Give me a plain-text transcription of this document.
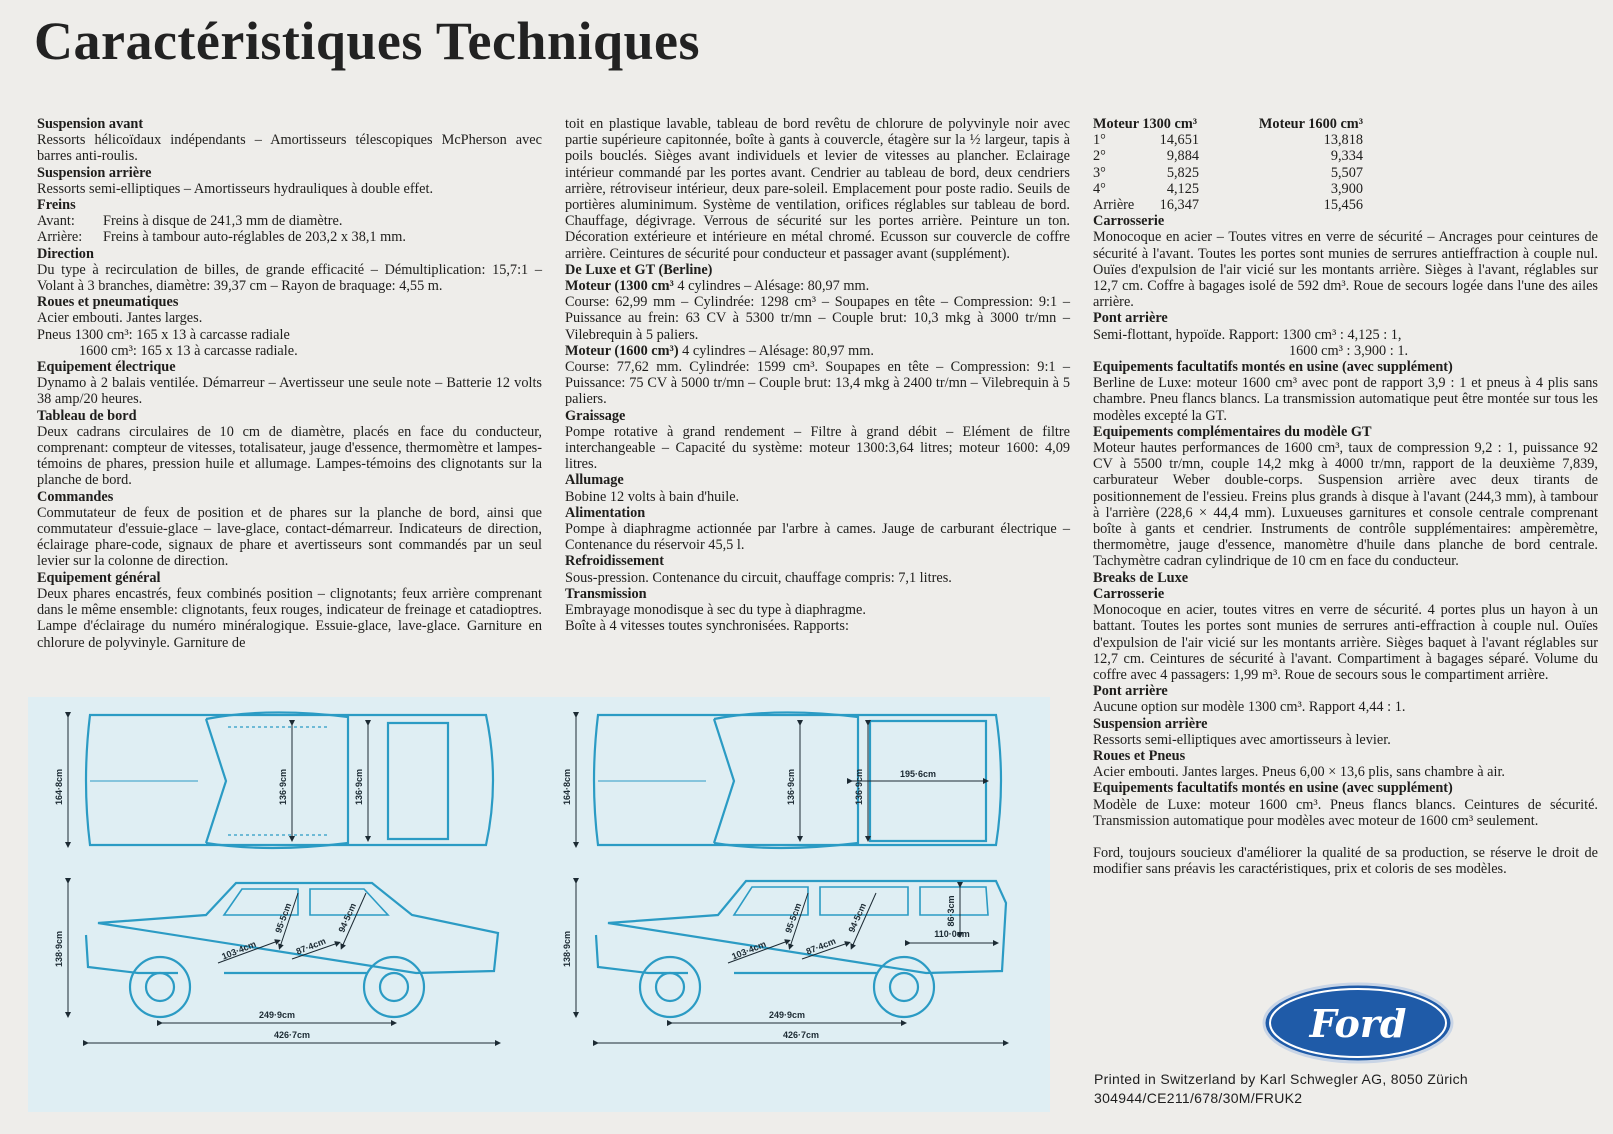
Caractéristiques Techniques
Suspension avant

Ressorts hélicoïdaux indépendants – Amortisseurs télescopiques McPherson avec barres anti-roulis.

Suspension arrière

Ressorts semi-elliptiques – Amortisseurs hydrauliques à double effet.

Freins
Avant:	Freins à disque de 241,3 mm de diamètre.
Arrière:	Freins à tambour auto-réglables de 203,2 x 38,1 mm.
Direction

Du type à recirculation de billes, de grande efficacité – Démultiplication: 15,7:1 – Volant à 3 branches, diamètre: 39,37 cm – Rayon de braquage: 4,55 m.

Roues et pneumatiques

Acier embouti. Jantes larges.

Pneus 1300 cm³: 165 x 13 à carcasse radiale

1600 cm³: 165 x 13 à carcasse radiale.

Equipement électrique

Dynamo à 2 balais ventilée. Démarreur – Avertisseur une seule note – Batterie 12 volts 38 amp/20 heures.

Tableau de bord

Deux cadrans circulaires de 10 cm de diamètre, placés en face du conducteur, comprenant: compteur de vitesses, totalisateur, jauge d'essence, thermomètre et lampes-témoins de phares, pression huile et allumage. Lampes-témoins des clignotants sur la planche de bord.

Commandes

Commutateur de feux de position et de phares sur la planche de bord, ainsi que commutateur d'essuie-glace – lave-glace, contact-démarreur. Indicateurs de direction, éclairage phare-code, signaux de phare et avertisseurs sont commandés par un seul levier sur la colonne de direction.

Equipement général

Deux phares encastrés, feux combinés position – clignotants; feux arrière comprenant dans le même ensemble: clignotants, feux rouges, indicateur de freinage et catadioptres. Lampe d'éclairage du numéro minéralogique. Essuie-glace, lave-glace. Garniture en chlorure de polyvinyle. Garniture de

toit en plastique lavable, tableau de bord revêtu de chlorure de polyvinyle noir avec partie supérieure capitonnée, boîte à gants à couvercle, étagère sur la ½ largeur, tapis à poils bouclés. Sièges avant individuels et levier de vitesses au plancher. Eclairage intérieur commandé par les portes avant. Cendrier au tableau de bord, deux cendriers arrière, rétroviseur intérieur, deux pare-soleil. Emplacement pour poste radio. Seuils de portières aluminimum. Système de ventilation, orifices réglables sur tableau de bord. Chauffage, dégivrage. Verrous de sécurité sur les portes arrière. Peinture un ton. Décoration extérieure et intérieure en métal chromé. Ecusson sur couvercle de coffre arrière. Ceintures de sécurité pour conducteur et passager avant (supplément).

De Luxe et GT (Berline)

Moteur (1300 cm³ 4 cylindres – Alésage: 80,97 mm.

Course: 62,99 mm – Cylindrée: 1298 cm³ – Soupapes en tête – Compression: 9:1 – Puissance au frein: 63 CV à 5300 tr/mn – Couple brut: 10,3 mkg à 3000 tr/mn – Vilebrequin à 5 paliers.

Moteur (1600 cm³) 4 cylindres – Alésage: 80,97 mm.

Course: 77,62 mm. Cylindrée: 1599 cm³. Soupapes en tête – Compression: 9:1 – Puissance: 75 CV à 5000 tr/mn – Couple brut: 13,4 mkg à 2400 tr/mn – Vilebrequin à 5 paliers.

Graissage

Pompe rotative à grand rendement – Filtre à grand débit – Elément de filtre interchangeable – Capacité du système: moteur 1300:3,64 litres; moteur 1600: 4,09 litres.

Allumage

Bobine 12 volts à bain d'huile.

Alimentation

Pompe à diaphragme actionnée par l'arbre à cames. Jauge de carburant électrique – Contenance du réservoir 45,5 l.

Refroidissement

Sous-pression. Contenance du circuit, chauffage compris: 7,1 litres.

Transmission

Embrayage monodisque à sec du type à diaphragme.

Boîte à 4 vitesses toutes synchronisées. Rapports:

Moteur 1300 cm³	Moteur 1600 cm³
1°	14,651	13,818
2°	9,884	9,334
3°	5,825	5,507
4°	4,125	3,900
Arrière	16,347	15,456
Carrosserie

Monocoque en acier – Toutes vitres en verre de sécurité – Ancrages pour ceintures de sécurité à l'avant. Toutes les portes sont munies de serrures antieffraction à couple nul. Ouïes d'expulsion de l'air vicié sur les montants arrière. Sièges à l'avant, réglables sur 12,7 cm. Coffre à bagages isolé de 592 dm³. Roue de secours logée dans l'une des ailes arrière.

Pont arrière

Semi-flottant, hypoïde. Rapport: 1300 cm³ : 4,125 : 1,

1600 cm³ : 3,900 : 1.

Equipements facultatifs montés en usine (avec supplément)

Berline de Luxe: moteur 1600 cm³ avec pont de rapport 3,9 : 1 et pneus à 4 plis sans chambre. Pneu flancs blancs. La transmission automatique peut être montée sur tous les modèles excepté la GT.

Equipements complémentaires du modèle GT

Moteur hautes performances de 1600 cm³, taux de compression 9,2 : 1, puissance 92 CV à 5500 tr/mn, couple 14,2 mkg à 4000 tr/mn, rapport de la deuxième 7,839, carburateur Weber double-corps. Suspension arrière avec deux tirants de positionnement de l'essieu. Freins plus grands à disque à l'avant (244,3 mm), à tambour à l'arrière (228,6 × 44,4 mm). Luxueuses garnitures et console centrale comprenant boîte à gants et cendrier. Instruments de contrôle supplémentaires: ampèremètre, thermomètre, jauge d'essence, manomètre d'huile dans planche de bord centrale. Tachymètre cadran cylindrique de 10 cm en face du conducteur.

Breaks de Luxe
Carrosserie

Monocoque en acier, toutes vitres en verre de sécurité. 4 portes plus un hayon à un battant. Toutes les portes sont munies de serrures anti-effraction à couple nul. Ouïes d'expulsion de l'air vicié sur les montants arrière. Sièges baquet à l'avant réglables sur 12,7 cm. Ceintures de sécurité à l'avant. Compartiment à bagages séparé. Volume du coffre avec 4 passagers: 1,99 m³. Roue de secours sous le compartiment arrière.

Pont arrière

Aucune option sur modèle 1300 cm³. Rapport 4,44 : 1.

Suspension arrière

Ressorts semi-elliptiques avec amortisseurs à levier.

Roues et Pneus

Acier embouti. Jantes larges. Pneus 6,00 × 13,6 plis, sans chambre à air.

Equipements facultatifs montés en usine (avec supplément)

Modèle de Luxe: moteur 1600 cm³. Pneus flancs blancs. Ceintures de sécurité. Transmission automatique pour modèles avec moteur de 1600 cm³ seulement.

Ford, toujours soucieux d'améliorer la qualité de sa production, se réserve le droit de modifier sans préavis les caractéristiques, prix et coloris de ses modèles.

164·8cm	164·8cm
136·9cm	136·9cm	136·9cm	136·9cm	195·6cm
138·9cm	138·9cm
249·9cm	249·9cm
426·7cm	426·7cm
95·5cm	95·5cm
94·5cm	94·5cm
103·4cm	103·4cm
87·4cm	87·4cm
86·3cm
110·0cm
Ford
Printed in Switzerland by Karl Schwegler AG, 8050 Zürich
304944/CE211/678/30M/FRUK2
